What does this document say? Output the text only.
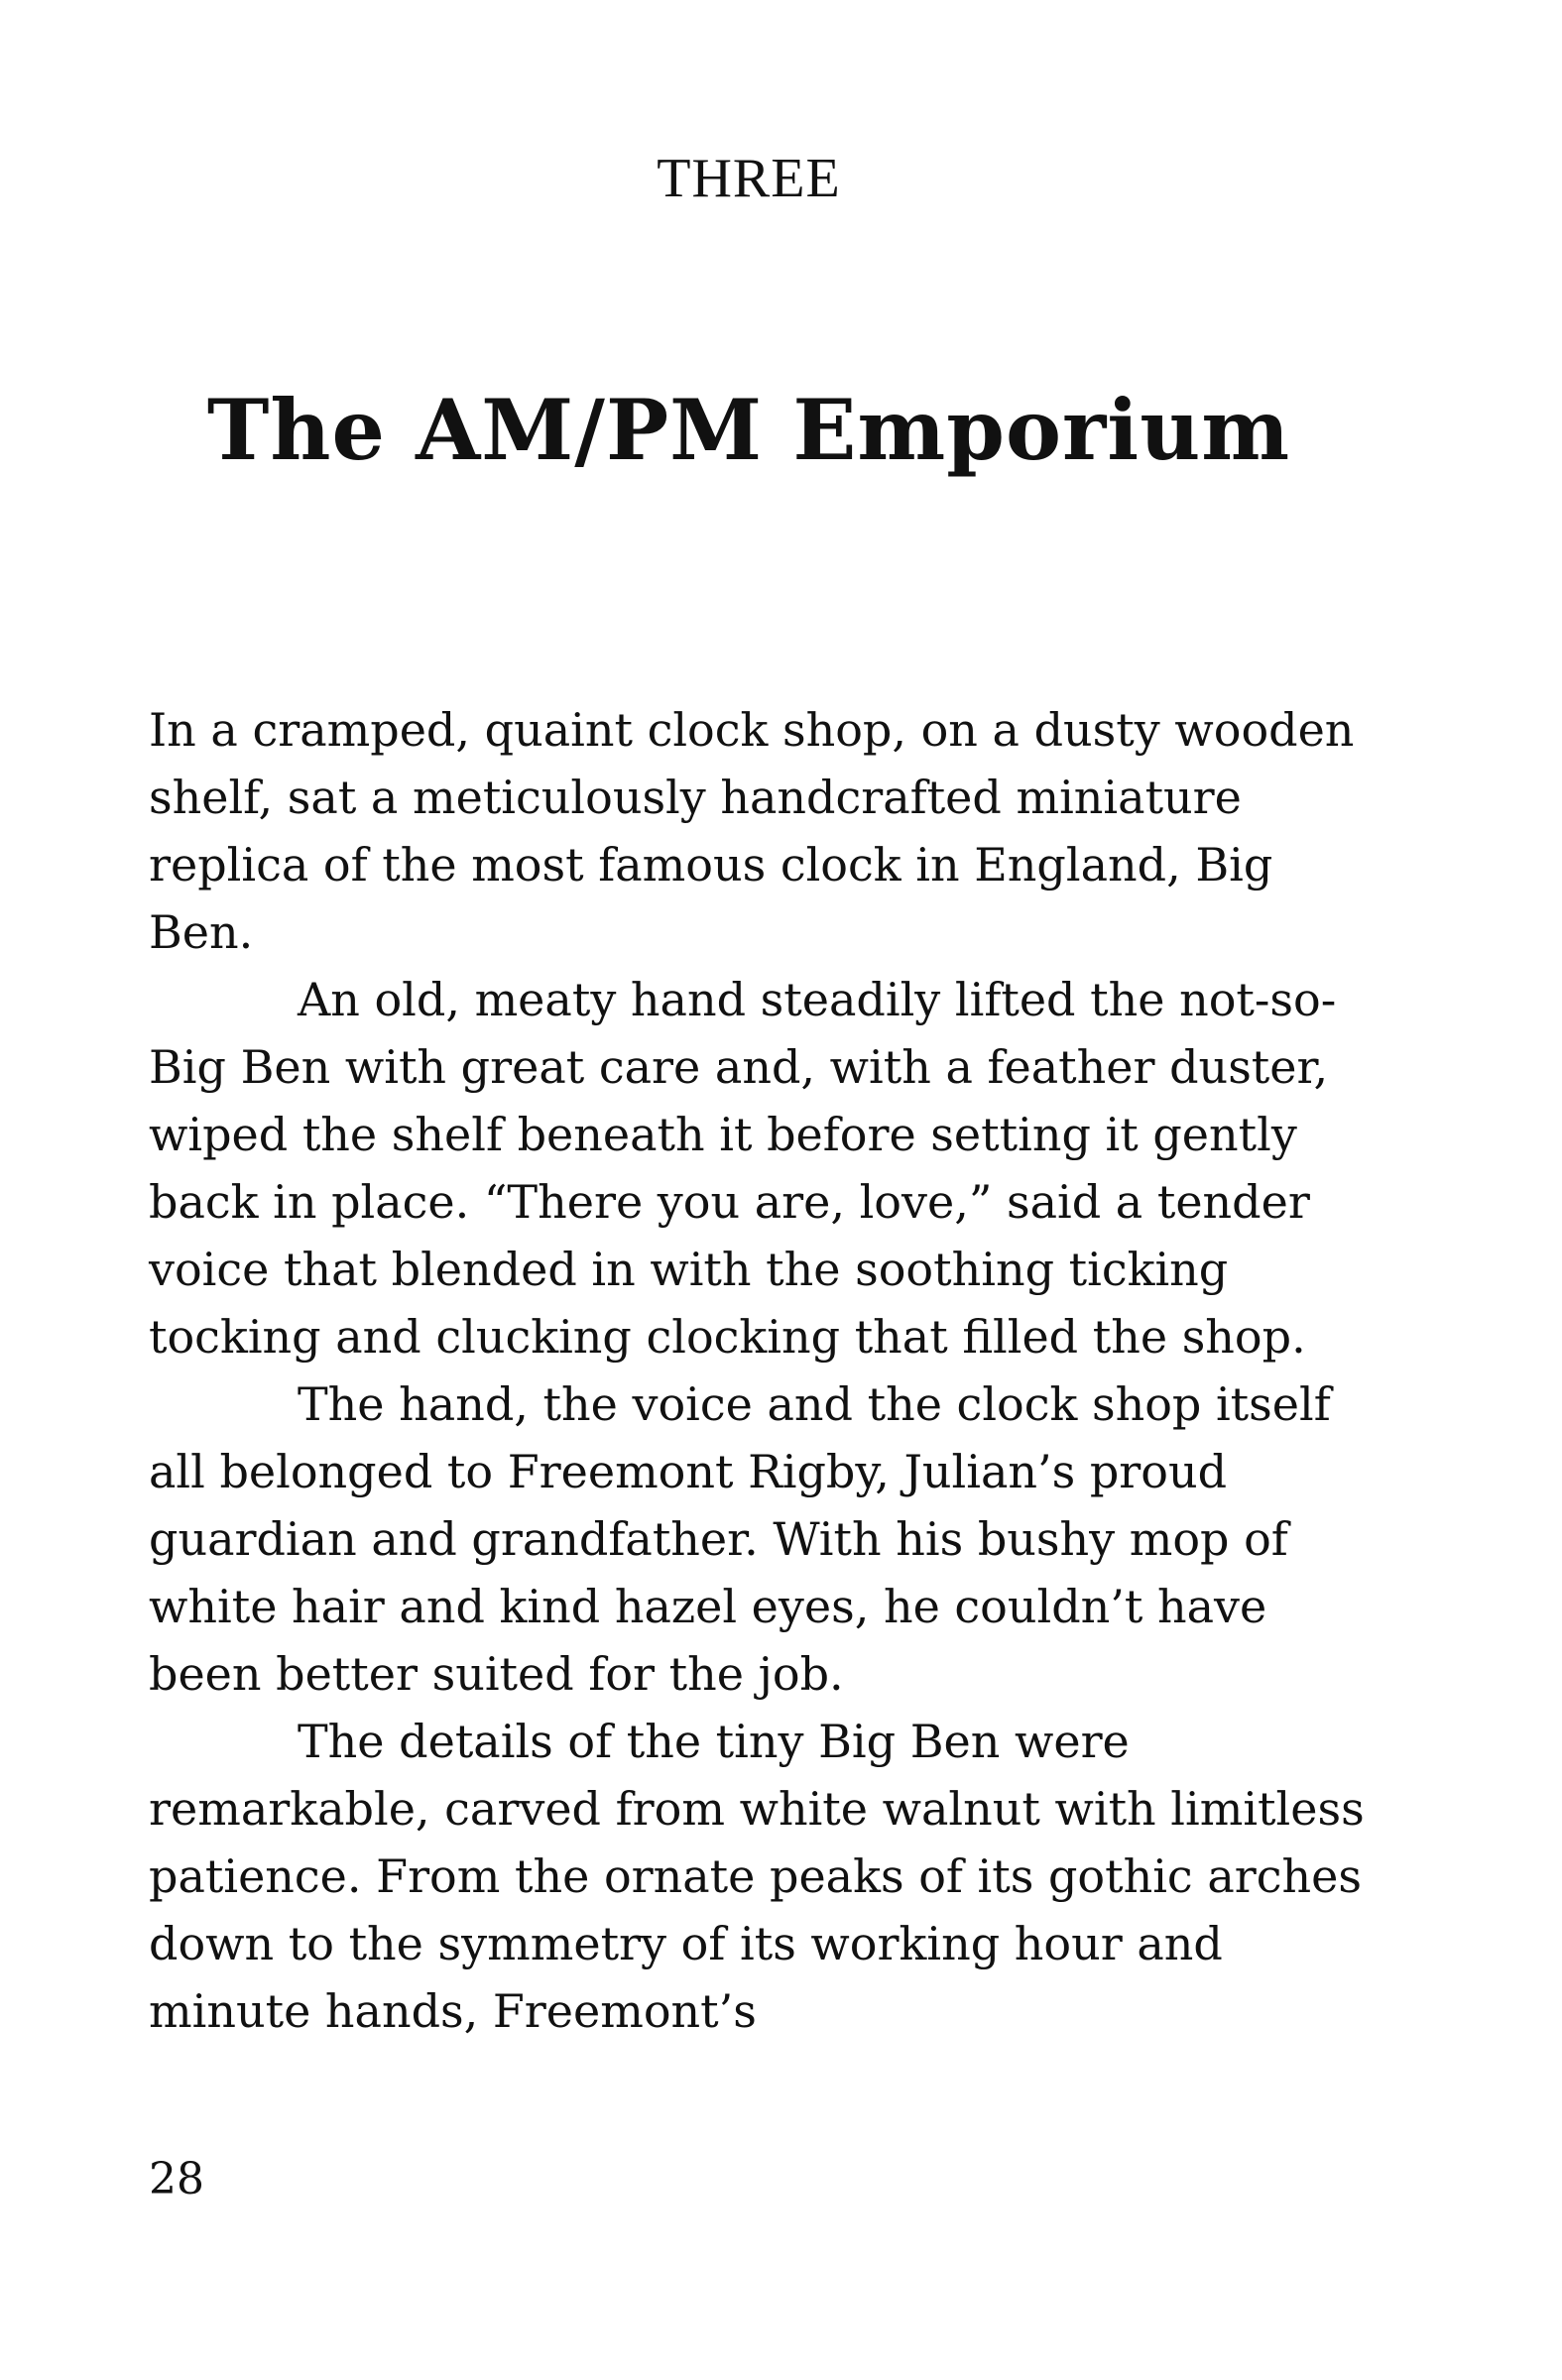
THREE
The AM/PM Emporium

In a cramped, quaint clock shop, on a dusty wooden shelf, sat a meticulously handcrafted miniature replica of the most famous clock in England, Big Ben.

An old, meaty hand steadily lifted the not-so-Big Ben with great care and, with a feather duster, wiped the shelf beneath it before setting it gently back in place. “There you are, love,” said a tender voice that blended in with the soothing ticking tocking and clucking clocking that filled the shop.

The hand, the voice and the clock shop itself all belonged to Freemont Rigby, Julian’s proud guardian and grandfather. With his bushy mop of white hair and kind hazel eyes, he couldn’t have been better suited for the job.

The details of the tiny Big Ben were remarkable, carved from white walnut with limitless patience. From the ornate peaks of its gothic arches down to the symmetry of its working hour and minute hands, Freemont’s

28
